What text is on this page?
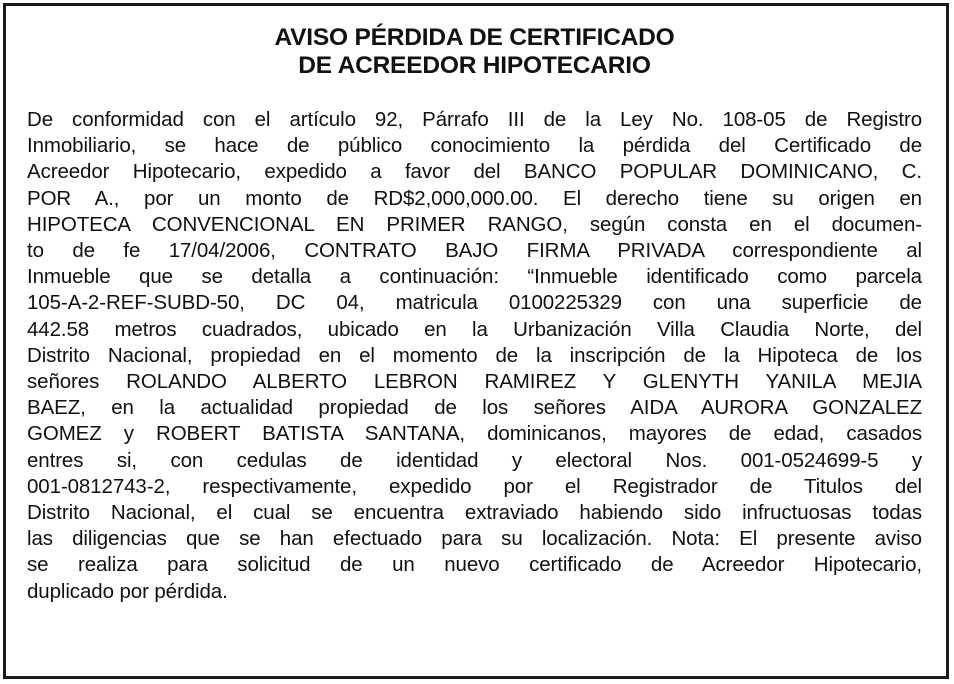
AVISO PÉRDIDA DE CERTIFICADO
DE ACREEDOR HIPOTECARIO

De conformidad con el artículo 92, Párrafo III de la Ley No. 108-05 de Registro
Inmobiliario, se hace de público conocimiento la pérdida del Certificado de
Acreedor Hipotecario, expedido a favor del BANCO POPULAR DOMINICANO, C.
POR A., por un monto de RD$2,000,000.00. El derecho tiene su origen en
HIPOTECA CONVENCIONAL EN PRIMER RANGO, según consta en el documen-
to de fe 17/04/2006, CONTRATO BAJO FIRMA PRIVADA correspondiente al
Inmueble que se detalla a continuación: “Inmueble identificado como parcela
105-A-2-REF-SUBD-50, DC 04, matricula 0100225329 con una superficie de
442.58 metros cuadrados, ubicado en la Urbanización Villa Claudia Norte, del
Distrito Nacional, propiedad en el momento de la inscripción de la Hipoteca de los
señores ROLANDO ALBERTO LEBRON RAMIREZ Y GLENYTH YANILA MEJIA
BAEZ, en la actualidad propiedad de los señores AIDA AURORA GONZALEZ
GOMEZ y ROBERT BATISTA SANTANA, dominicanos, mayores de edad, casados
entres si, con cedulas de identidad y electoral Nos. 001-0524699-5 y
001-0812743-2, respectivamente, expedido por el Registrador de Titulos del
Distrito Nacional, el cual se encuentra extraviado habiendo sido infructuosas todas
las diligencias que se han efectuado para su localización. Nota: El presente aviso
se realiza para solicitud de un nuevo certificado de Acreedor Hipotecario,
duplicado por pérdida.
